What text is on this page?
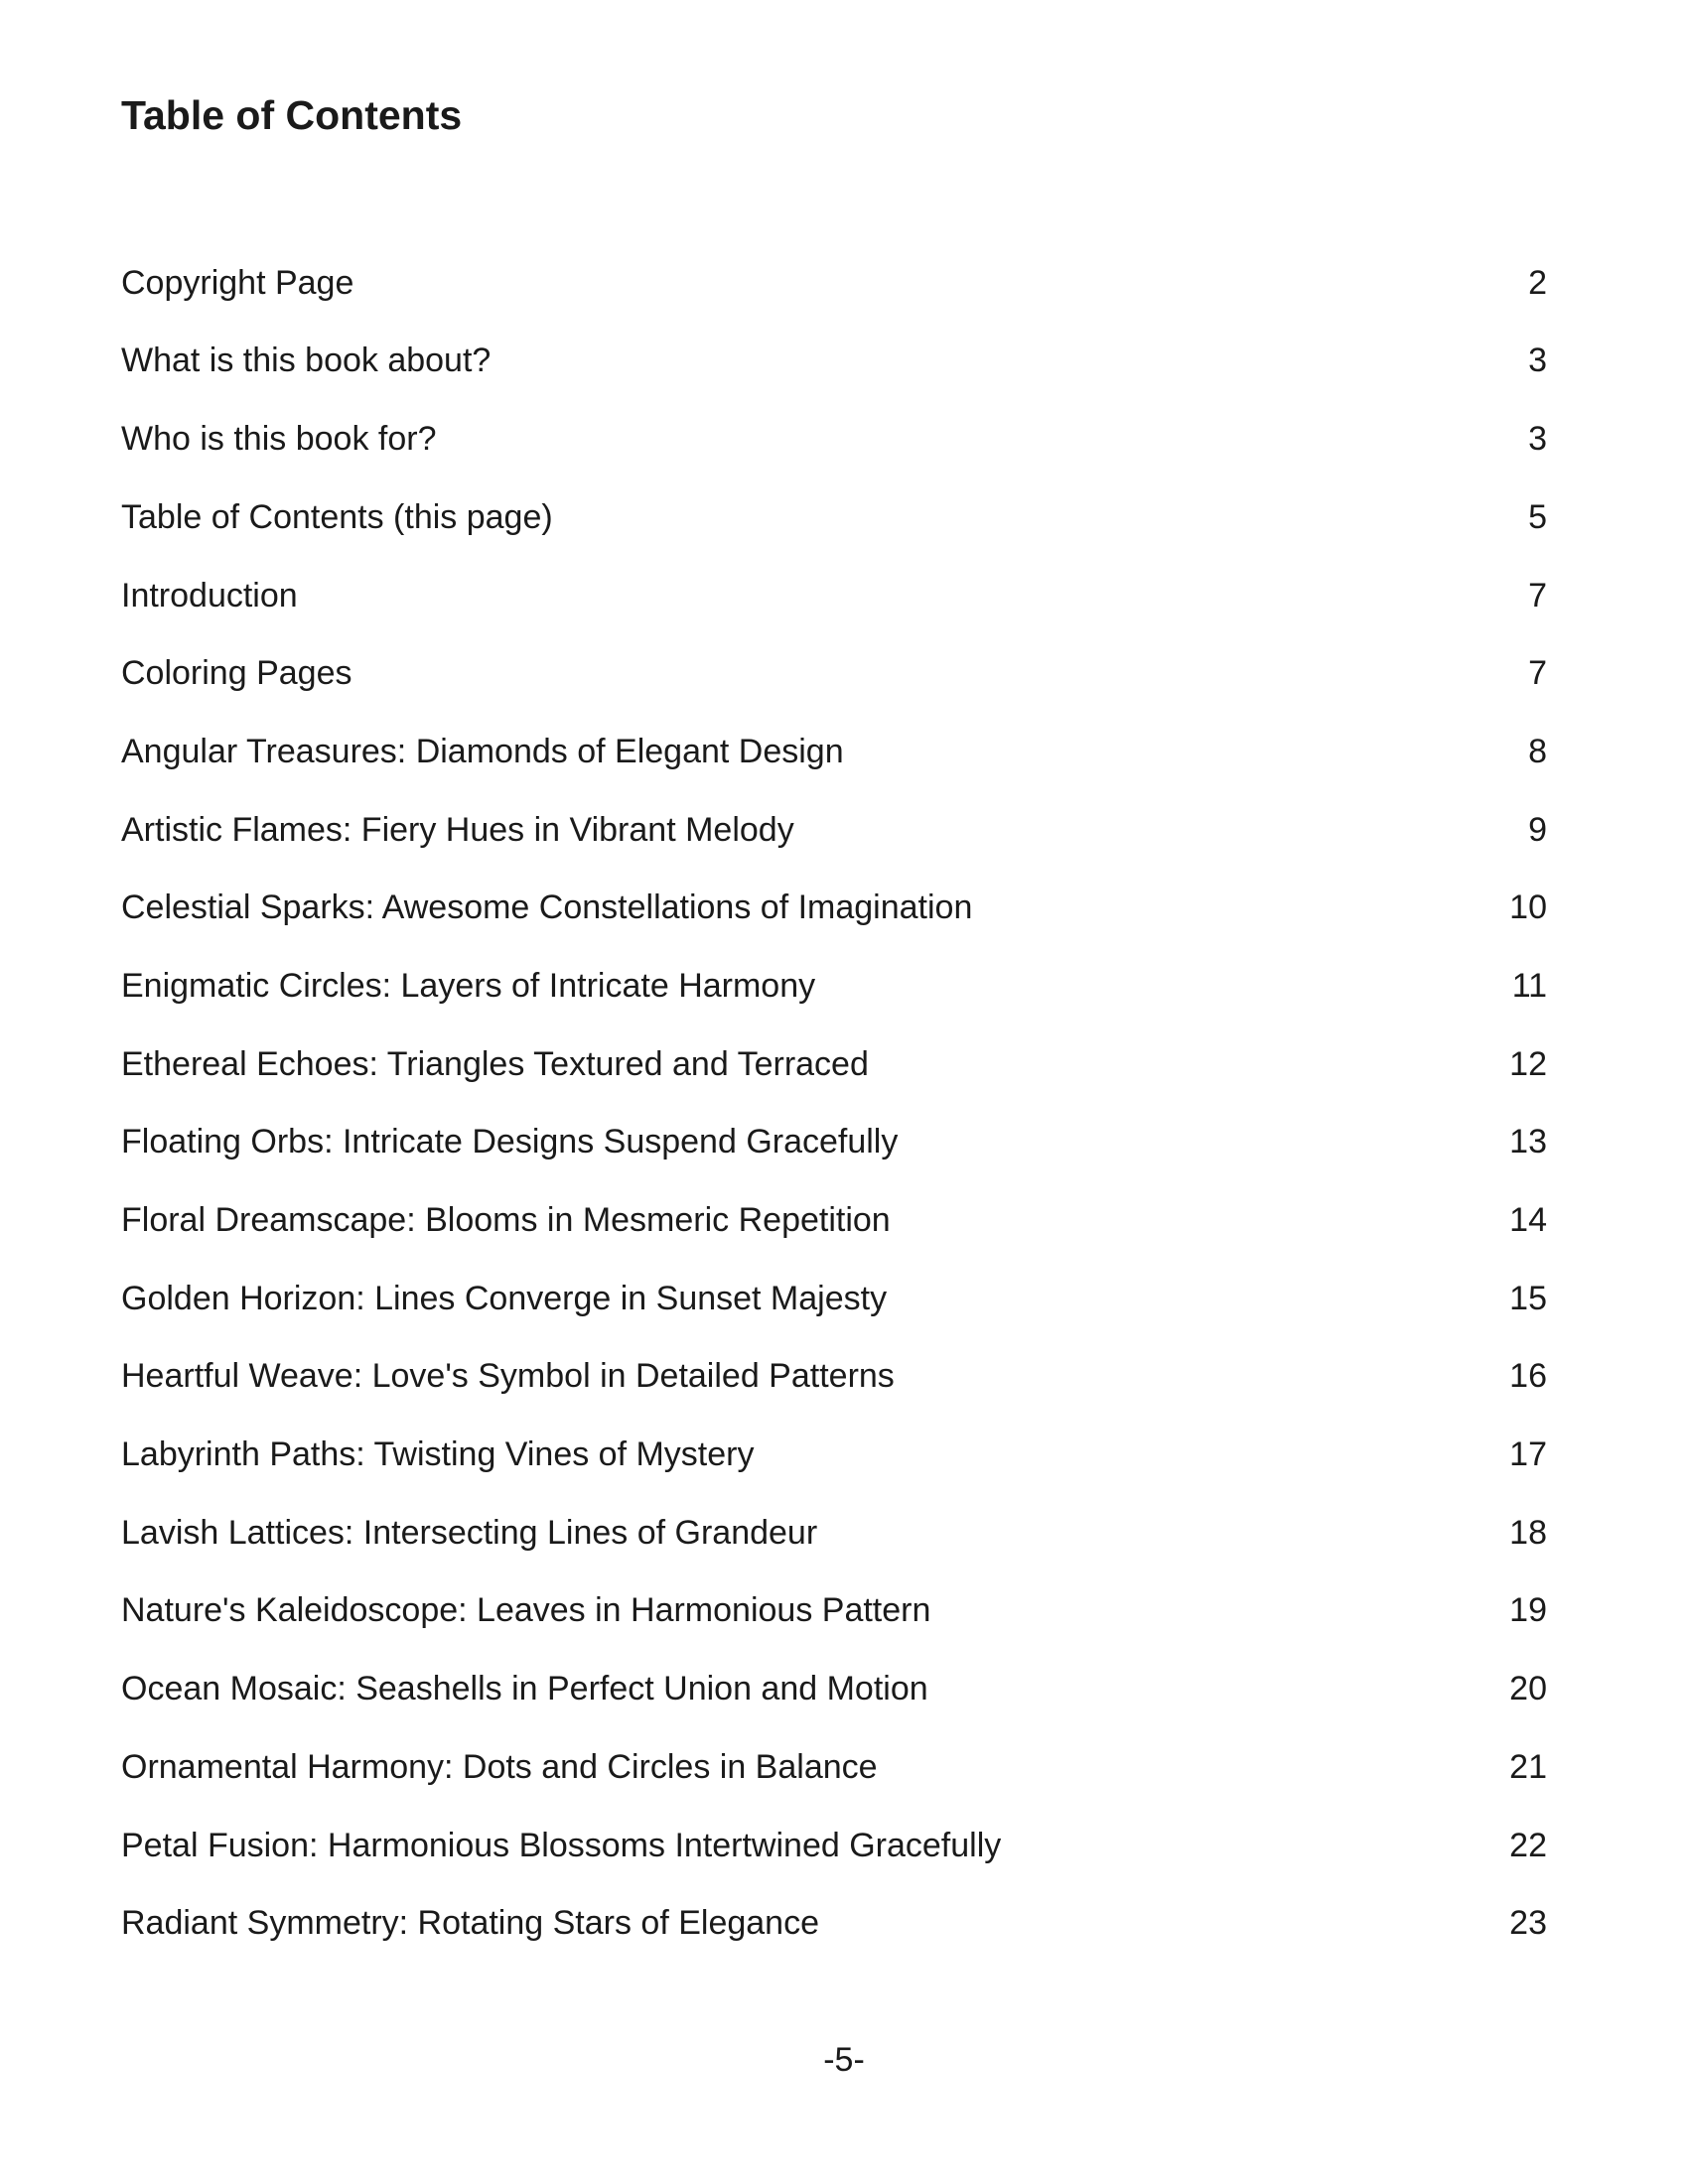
Table of Contents
Copyright Page	2
What is this book about?	3
Who is this book for?	3
Table of Contents (this page)	5
Introduction	7
Coloring Pages	7
Angular Treasures: Diamonds of Elegant Design	8
Artistic Flames: Fiery Hues in Vibrant Melody	9
Celestial Sparks: Awesome Constellations of Imagination	10
Enigmatic Circles: Layers of Intricate Harmony	11
Ethereal Echoes: Triangles Textured and Terraced	12
Floating Orbs: Intricate Designs Suspend Gracefully	13
Floral Dreamscape: Blooms in Mesmeric Repetition	14
Golden Horizon: Lines Converge in Sunset Majesty	15
Heartful Weave: Love's Symbol in Detailed Patterns	16
Labyrinth Paths: Twisting Vines of Mystery	17
Lavish Lattices: Intersecting Lines of Grandeur	18
Nature's Kaleidoscope: Leaves in Harmonious Pattern	19
Ocean Mosaic: Seashells in Perfect Union and Motion	20
Ornamental Harmony: Dots and Circles in Balance	21
Petal Fusion: Harmonious Blossoms Intertwined Gracefully	22
Radiant Symmetry: Rotating Stars of Elegance	23
-5-
